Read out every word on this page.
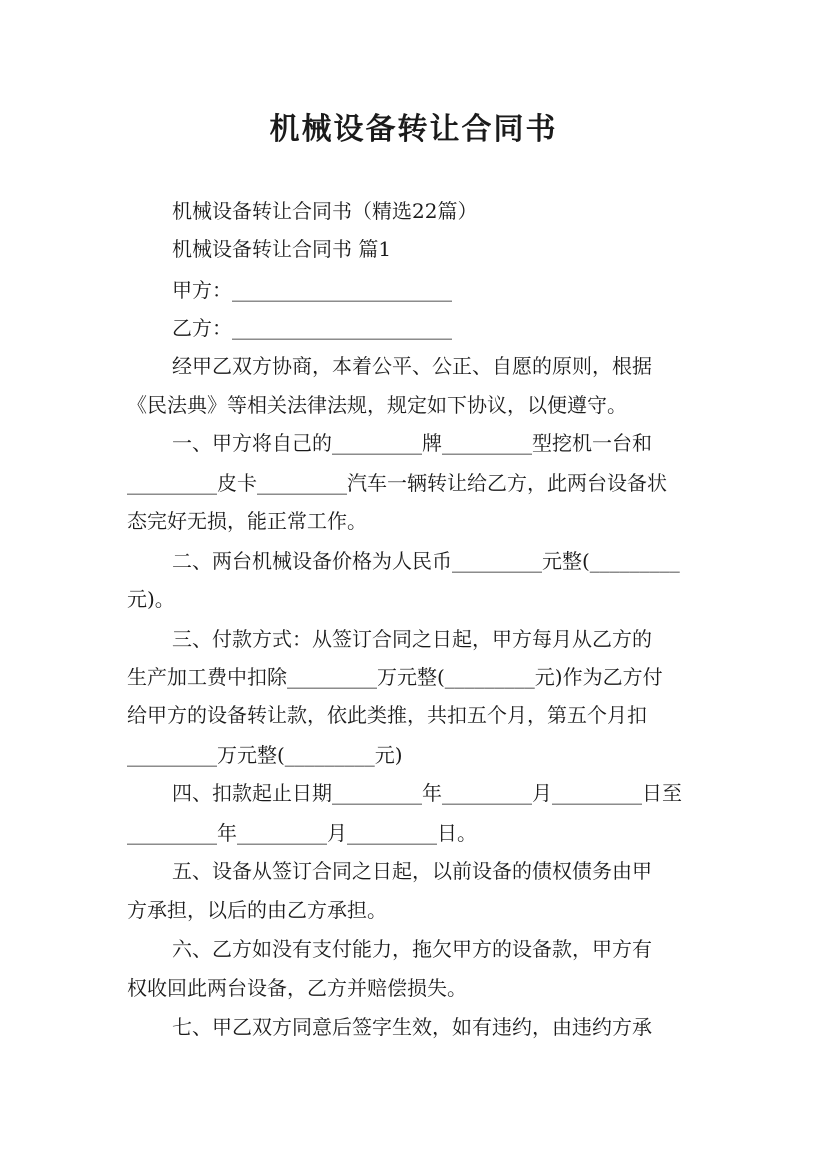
机械设备转让合同书

机械设备转让合同书（精选22篇）

机械设备转让合同书 篇1

甲方：______________________

乙方：______________________

经甲乙双方协商，本着公平、公正、自愿的原则，根据

《民法典》等相关法律法规，规定如下协议，以便遵守。

一、甲方将自己的_________牌_________型挖机一台和

_________皮卡_________汽车一辆转让给乙方，此两台设备状

态完好无损，能正常工作。

二、两台机械设备价格为人民币_________元整(_________

元)。

三、付款方式：从签订合同之日起，甲方每月从乙方的

生产加工费中扣除_________万元整(_________元)作为乙方付

给甲方的设备转让款，依此类推，共扣五个月，第五个月扣

_________万元整(_________元)

四、扣款起止日期_________年_________月_________日至

_________年_________月_________日。

五、设备从签订合同之日起，以前设备的债权债务由甲

方承担，以后的由乙方承担。

六、乙方如没有支付能力，拖欠甲方的设备款，甲方有

权收回此两台设备，乙方并赔偿损失。

七、甲乙双方同意后签字生效，如有违约，由违约方承
